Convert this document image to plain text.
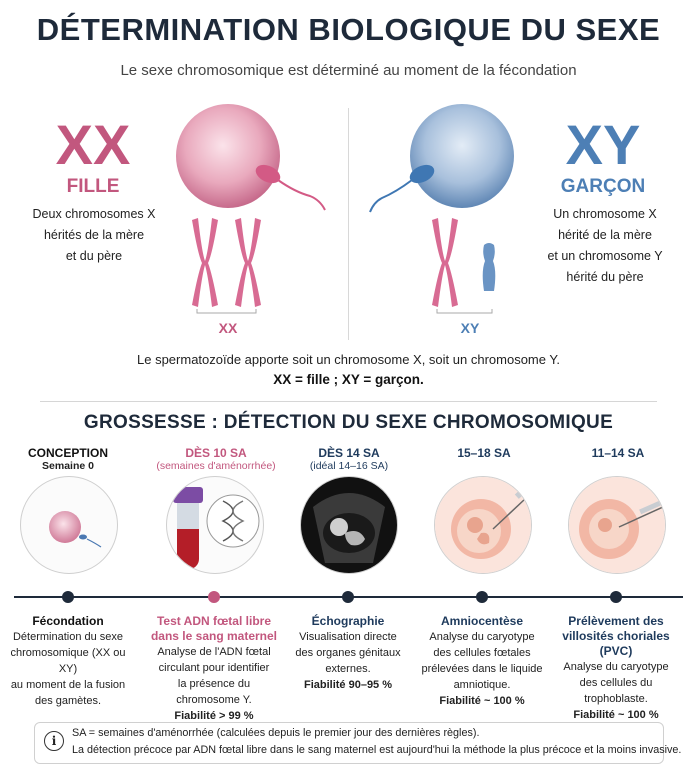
DÉTERMINATION BIOLOGIQUE DU SEXE
Le sexe chromosomique est déterminé au moment de la fécondation
XX
FILLE
Deux chromosomes X
hérités de la mère
et du père
XX	XY
XY
GARÇON
Un chromosome X
hérité de la mère
et un chromosome Y
hérité du père
Le spermatozoïde apporte soit un chromosome X, soit un chromosome Y.
XX = fille ; XY = garçon.
GROSSESSE : DÉTECTION DU SEXE CHROMOSOMIQUE
CONCEPTION
Semaine 0
DÈS 10 SA
(semaines d'aménorrhée)
DÈS 14 SA
(idéal 14–16 SA)
15–18 SA	11–14 SA
Fécondation
Détermination du sexe
chromosomique (XX ou XY)
au moment de la fusion
des gamètes.
Test ADN fœtal libre dans le sang maternel
Analyse de l'ADN fœtal
circulant pour identifier
la présence du chromosome Y.
Fiabilité > 99 %
Échographie
Visualisation directe
des organes génitaux
externes.
Fiabilité 90–95 %
Amniocentèse
Analyse du caryotype
des cellules fœtales
prélevées dans le liquide
amniotique.
Fiabilité ~ 100 %
Prélèvement des villosités choriales (PVC)
Analyse du caryotype
des cellules du trophoblaste.
Fiabilité ~ 100 %
i
SA = semaines d'aménorrhée (calculées depuis le premier jour des dernières règles).
La détection précoce par ADN fœtal libre dans le sang maternel est aujourd'hui la méthode la plus précoce et la moins invasive.
